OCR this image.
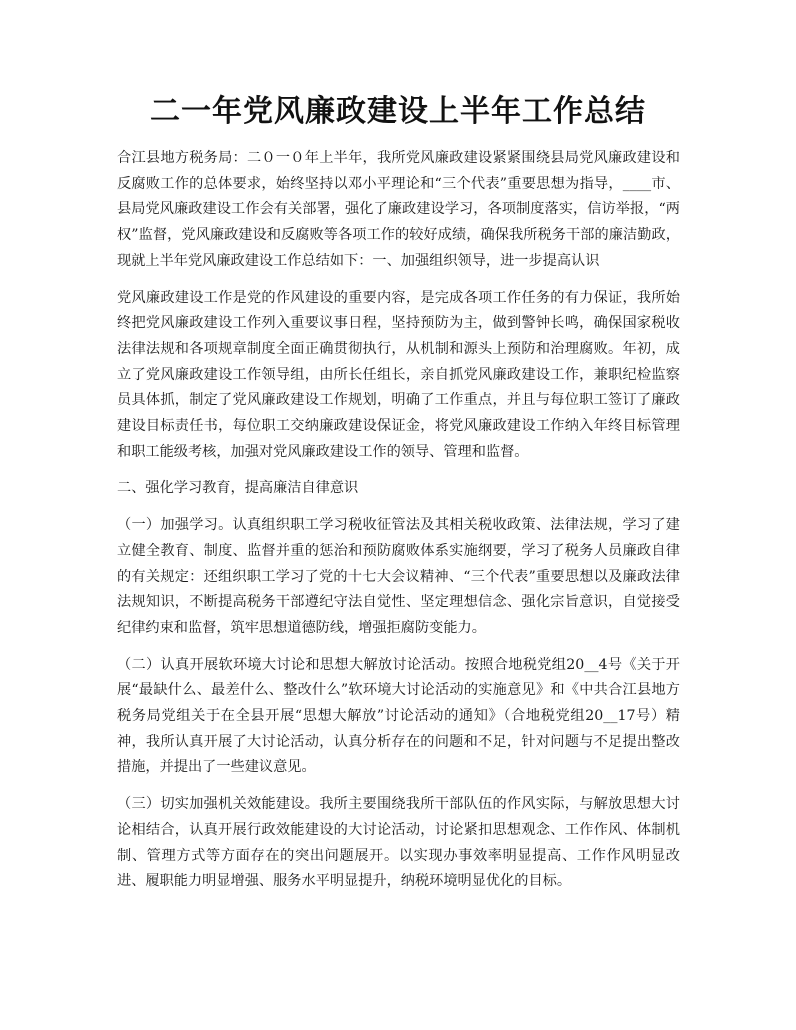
二一年党风廉政建设上半年工作总结

合江县地方税务局：二０一０年上半年，我所党风廉政建设紧紧围绕县局党风廉政建设和反腐败工作的总体要求，始终坚持以邓小平理论和“三个代表”重要思想为指导，____市、县局党风廉政建设工作会有关部署，强化了廉政建设学习，各项制度落实，信访举报，“两权”监督，党风廉政建设和反腐败等各项工作的较好成绩，确保我所税务干部的廉洁勤政，现就上半年党风廉政建设工作总结如下：一、加强组织领导，进一步提高认识

党风廉政建设工作是党的作风建设的重要内容，是完成各项工作任务的有力保证，我所始终把党风廉政建设工作列入重要议事日程，坚持预防为主，做到警钟长鸣，确保国家税收法律法规和各项规章制度全面正确贯彻执行，从机制和源头上预防和治理腐败。年初，成立了党风廉政建设工作领导组，由所长任组长，亲自抓党风廉政建设工作，兼职纪检监察员具体抓，制定了党风廉政建设工作规划，明确了工作重点，并且与每位职工签订了廉政建设目标责任书，每位职工交纳廉政建设保证金，将党风廉政建设工作纳入年终目标管理和职工能级考核，加强对党风廉政建设工作的领导、管理和监督。

二、强化学习教育，提高廉洁自律意识

（一）加强学习。认真组织职工学习税收征管法及其相关税收政策、法律法规，学习了建立健全教育、制度、监督并重的惩治和预防腐败体系实施纲要，学习了税务人员廉政自律的有关规定：还组织职工学习了党的十七大会议精神、“三个代表”重要思想以及廉政法律法规知识，不断提高税务干部遵纪守法自觉性、坚定理想信念、强化宗旨意识，自觉接受纪律约束和监督，筑牢思想道德防线，增强拒腐防变能力。

（二）认真开展软环境大讨论和思想大解放讨论活动。按照合地税党组20__4号《关于开展“最缺什么、最差什么、整改什么”软环境大讨论活动的实施意见》和《中共合江县地方税务局党组关于在全县开展“思想大解放”讨论活动的通知》（合地税党组20__17号）精神，我所认真开展了大讨论活动，认真分析存在的问题和不足，针对问题与不足提出整改措施，并提出了一些建议意见。

（三）切实加强机关效能建设。我所主要围绕我所干部队伍的作风实际，与解放思想大讨论相结合，认真开展行政效能建设的大讨论活动，讨论紧扣思想观念、工作作风、体制机制、管理方式等方面存在的突出问题展开。以实现办事效率明显提高、工作作风明显改进、履职能力明显增强、服务水平明显提升，纳税环境明显优化的目标。
